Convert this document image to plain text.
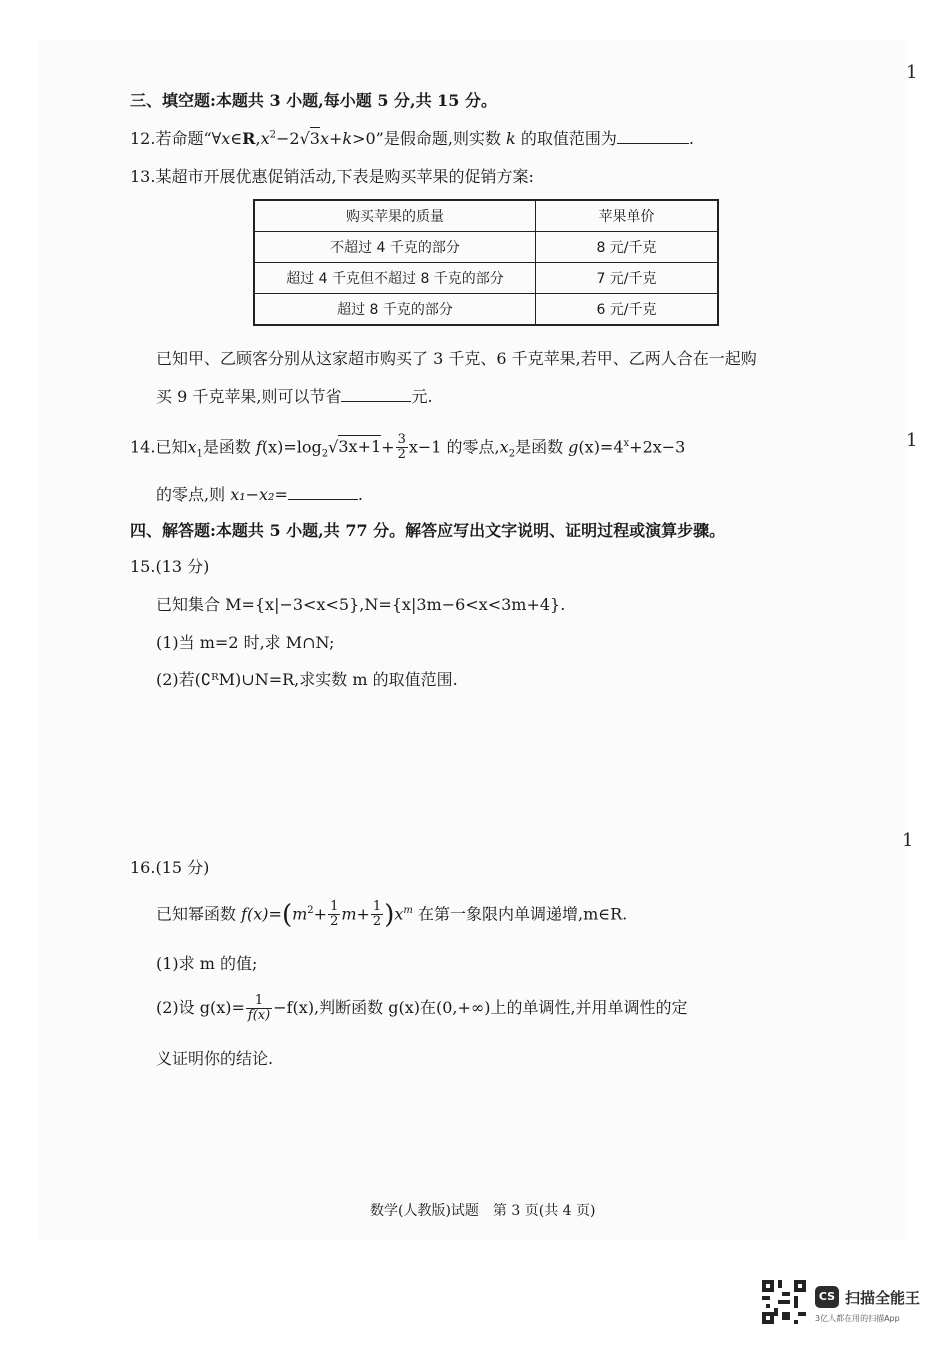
三、填空题:本题共 3 小题,每小题 5 分,共 15 分。
12.若命题“$\forall x\in R,x^2-2√3x+k>0$”是假命题,则实数 k 的取值范围为	.
13.某超市开展优惠促销活动,下表是购买苹果的促销方案:
购买苹果的质量	苹果单价
不超过 4 千克的部分	8 元/千克
超过 4 千克但不超过 8 千克的部分	7 元/千克
超过 8 千克的部分	6 元/千克
已知甲、乙顾客分别从这家超市购买了 3 千克、6 千克苹果,若甲、乙两人合在一起购
买 9 千克苹果,则可以节省	元.
14.已知$x_1$是函数 $f(x)=\log_2√3x+1+ \frac{3}{2} x-1$ 的零点$,x_2$是函数 $g(x)=4^x+2x-3$
的零点,则 x₁−x₂=	.
四、解答题:本题共 5 小题,共 77 分。解答应写出文字说明、证明过程或演算步骤。
15.(13 分)
已知集合 M={x|−3<x<5},N={x|3m−6<x<3m+4}.
(1)当 m=2 时,求 M∩N;
(2)若(∁ᴿM)∪N=R,求实数 m 的取值范围.
16.(15 分)
已知幂函数 $f(x)=(m^2+ \frac{1}{2} m+ \frac{1}{2} )x^m$ 在第一象限内单调递增,m∈R.
(1)求 m 的值;
(2)设 $g(x)= \frac{1}{f(x)} -f(x)$,判断函数 g(x)在(0,+∞)上的单调性,并用单调性的定
义证明你的结论.
数学(人教版)试题　第 3 页(共 4 页)
1
1
1
CS 扫描全能王
3亿人都在用的扫描App
